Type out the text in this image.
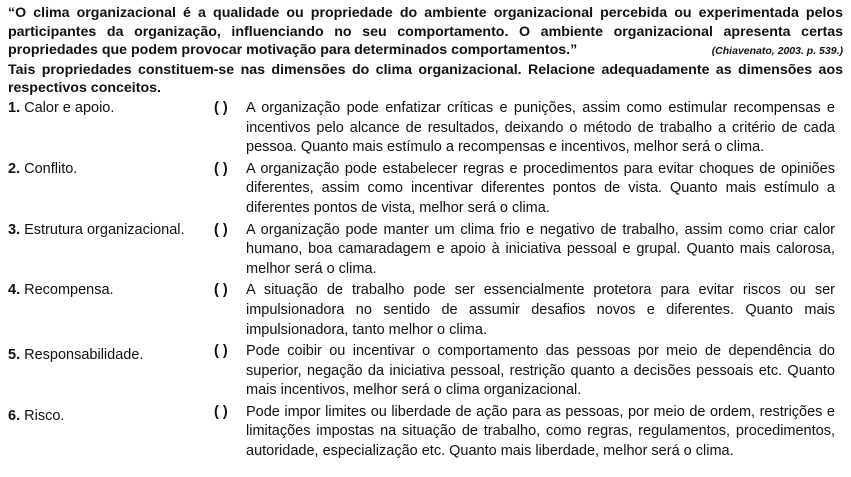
“O clima organizacional é a qualidade ou propriedade do ambiente organizacional percebida ou experimentada pelos participantes da organização, influenciando no seu comportamento. O ambiente organizacional apresenta certas propriedades que podem provocar motivação para determinados comportamentos.”	(Chiavenato, 2003. p. 539.)
Tais propriedades constituem-se nas dimensões do clima organizacional. Relacione adequadamente as dimensões aos respectivos conceitos.
1. Calor e apoio.	( )	A organização pode enfatizar críticas e punições, assim como estimular recompensas e incentivos pelo alcance de resultados, deixando o método de trabalho a critério de cada pessoa. Quanto mais estímulo a recompensas e incentivos, melhor será o clima.
2. Conflito.	( )	A organização pode estabelecer regras e procedimentos para evitar choques de opiniões diferentes, assim como incentivar diferentes pontos de vista. Quanto mais estímulo a diferentes pontos de vista, melhor será o clima.
3. Estrutura organizacional.	( )	A organização pode manter um clima frio e negativo de trabalho, assim como criar calor humano, boa camaradagem e apoio à iniciativa pessoal e grupal. Quanto mais calorosa, melhor será o clima.
4. Recompensa.	( )	A situação de trabalho pode ser essencialmente protetora para evitar riscos ou ser impulsionadora no sentido de assumir desafios novos e diferentes. Quanto mais impulsionadora, tanto melhor o clima.
5. Responsabilidade.	( )	Pode coibir ou incentivar o comportamento das pessoas por meio de dependência do superior, negação da iniciativa pessoal, restrição quanto a decisões pessoais etc. Quanto mais incentivos, melhor será o clima organizacional.
6. Risco.	( )	Pode impor limites ou liberdade de ação para as pessoas, por meio de ordem, restrições e limitações impostas na situação de trabalho, como regras, regulamentos, procedimentos, autoridade, especialização etc. Quanto mais liberdade, melhor será o clima.
